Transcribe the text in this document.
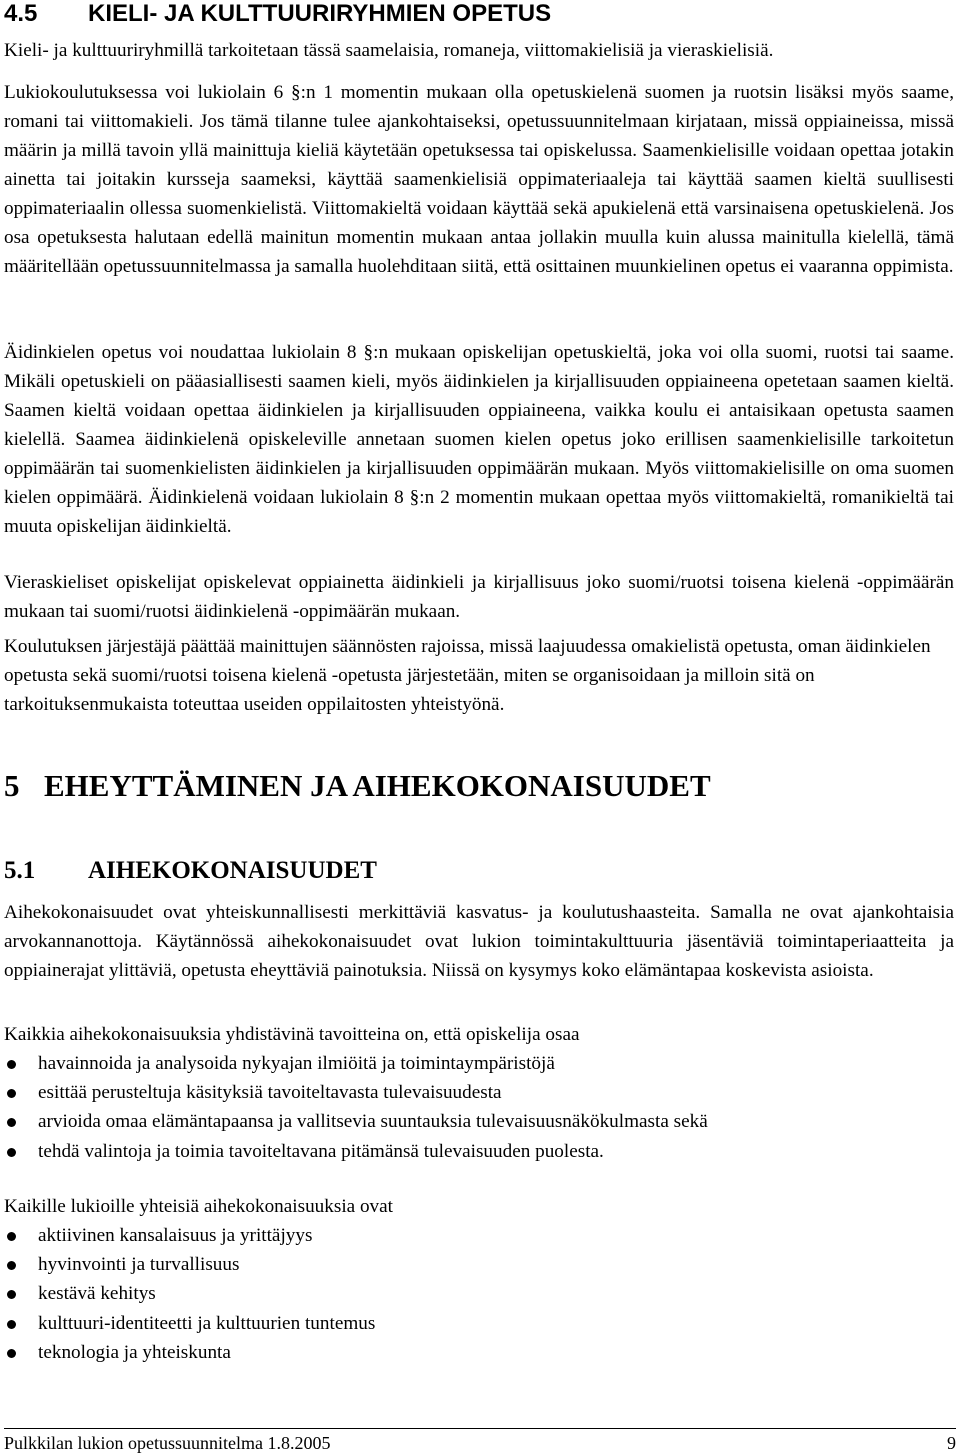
4.5 KIELI- JA KULTTUURIRYHMIEN OPETUS
Kieli- ja kulttuuriryhmillä tarkoitetaan tässä saamelaisia, romaneja, viittomakielisiä ja vieraskielisiä.
Lukiokoulutuksessa voi lukiolain 6 §:n 1 momentin mukaan olla opetuskielenä suomen ja ruotsin lisäksi myös saame, romani tai viittomakieli. Jos tämä tilanne tulee ajankohtaiseksi, opetussuunnitelmaan kirjataan, missä oppiaineissa, missä määrin ja millä tavoin yllä mainittuja kieliä käytetään opetuksessa tai opiskelussa. Saamenkielisille voidaan opettaa jotakin ainetta tai joitakin kursseja saameksi, käyttää saamenkielisiä oppimateriaaleja tai käyttää saamen kieltä suullisesti oppimateriaalin ollessa suomenkielistä. Viittomakieltä voidaan käyttää sekä apukielenä että varsinaisena opetuskielenä. Jos osa opetuksesta halutaan edellä mainitun momentin mukaan antaa jollakin muulla kuin alussa mainitulla kielellä, tämä määritellään opetussuunnitelmassa ja samalla huolehditaan siitä, että osittainen muunkielinen opetus ei vaaranna oppimista.
Äidinkielen opetus voi noudattaa lukiolain 8 §:n mukaan opiskelijan opetuskieltä, joka voi olla suomi, ruotsi tai saame. Mikäli opetuskieli on pääasiallisesti saamen kieli, myös äidinkielen ja kirjallisuuden oppiaineena opetetaan saamen kieltä. Saamen kieltä voidaan opettaa äidinkielen ja kirjallisuuden oppiaineena, vaikka koulu ei antaisikaan opetusta saamen kielellä. Saamea äidinkielenä opiskeleville annetaan suomen kielen opetus joko erillisen saamenkielisille tarkoitetun oppimäärän tai suomenkielisten äidinkielen ja kirjallisuuden oppimäärän mukaan. Myös viittomakielisille on oma suomen kielen oppimäärä. Äidinkielenä voidaan lukiolain 8 §:n 2 momentin mukaan opettaa myös viittomakieltä, romanikieltä tai muuta opiskelijan äidinkieltä.
Vieraskieliset opiskelijat opiskelevat oppiainetta äidinkieli ja kirjallisuus joko suomi/ruotsi toisena kielenä -oppimäärän mukaan tai suomi/ruotsi äidinkielenä -oppimäärän mukaan.
Koulutuksen järjestäjä päättää mainittujen säännösten rajoissa, missä laajuudessa omakielistä opetusta, oman äidinkielen opetusta sekä suomi/ruotsi toisena kielenä -opetusta järjestetään, miten se organisoidaan ja milloin sitä on tarkoituksenmukaista toteuttaa useiden oppilaitosten yhteistyönä.
5 EHEYTTÄMINEN JA AIHEKOKONAISUUDET
5.1 AIHEKOKONAISUUDET
Aihekokonaisuudet ovat yhteiskunnallisesti merkittäviä kasvatus- ja koulutushaasteita. Samalla ne ovat ajankohtaisia arvokannanottoja. Käytännössä aihekokonaisuudet ovat lukion toimintakulttuuria jäsentäviä toimintaperiaatteita ja oppiainerajat ylittäviä, opetusta eheyttäviä painotuksia. Niissä on kysymys koko elämäntapaa koskevista asioista.
Kaikkia aihekokonaisuuksia yhdistävinä tavoitteina on, että opiskelija osaa
havainnoida ja analysoida nykyajan ilmiöitä ja toimintaympäristöjä
esittää perusteltuja käsityksiä tavoiteltavasta tulevaisuudesta
arvioida omaa elämäntapaansa ja vallitsevia suuntauksia tulevaisuusnäkökulmasta sekä
tehdä valintoja ja toimia tavoiteltavana pitämänsä tulevaisuuden puolesta.
Kaikille lukioille yhteisiä aihekokonaisuuksia ovat
aktiivinen kansalaisuus ja yrittäjyys
hyvinvointi ja turvallisuus
kestävä kehitys
kulttuuri-identiteetti ja kulttuurien tuntemus
teknologia ja yhteiskunta
Pulkkilan lukion opetussuunnitelma 1.8.2005	9
